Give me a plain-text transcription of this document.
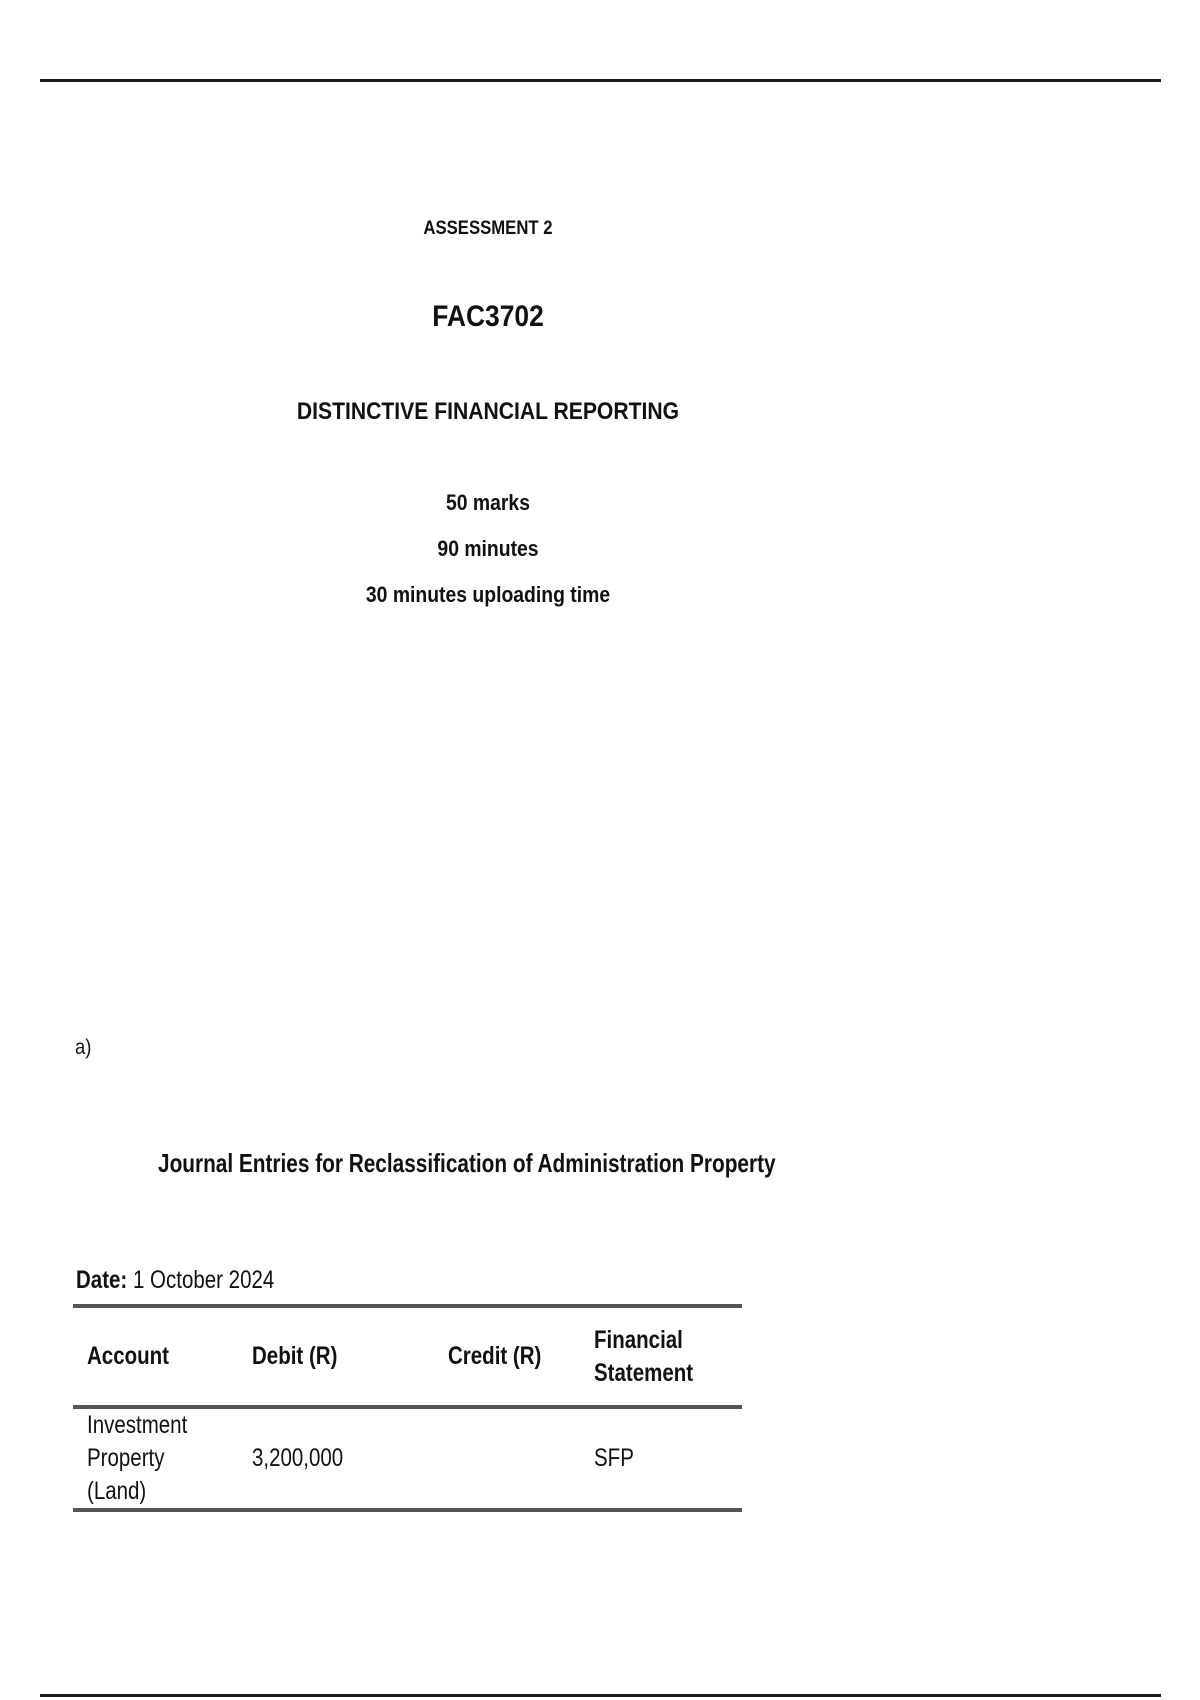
ASSESSMENT 2
FAC3702
DISTINCTIVE FINANCIAL REPORTING
50 marks
90 minutes
30 minutes uploading time
a)
Journal Entries for Reclassification of Administration Property
Date: 1 October 2024
Account	Debit (R)	Credit (R)	Financial Statement
Investment Property (Land)	3,200,000		SFP
